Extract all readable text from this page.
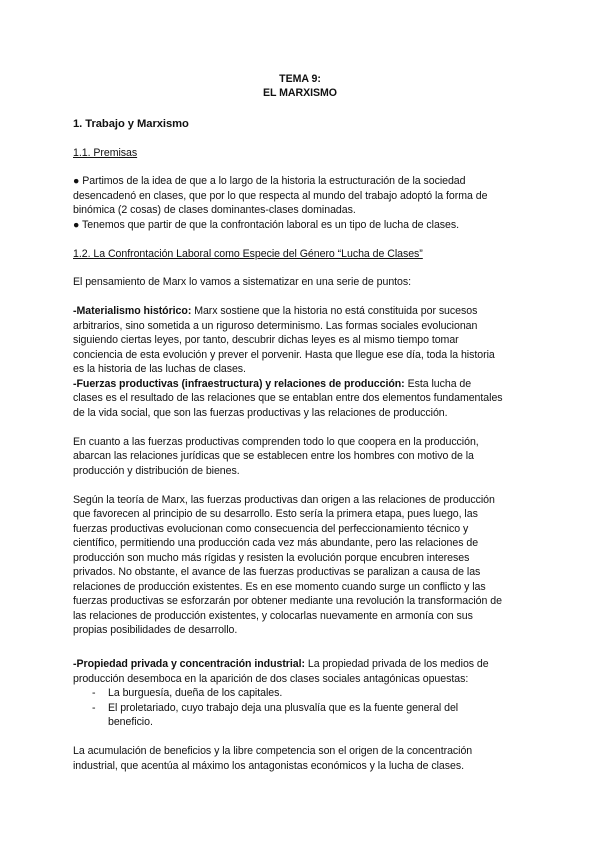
TEMA 9:
EL MARXISMO
1. Trabajo y Marxismo
1.1. Premisas
● Partimos de la idea de que a lo largo de la historia la estructuración de la sociedad
desencadenó en clases, que por lo que respecta al mundo del trabajo adoptó la forma de
binómica (2 cosas) de clases dominantes-clases dominadas.
● Tenemos que partir de que la confrontación laboral es un tipo de lucha de clases.
1.2. La Confrontación Laboral como Especie del Género “Lucha de Clases”
El pensamiento de Marx lo vamos a sistematizar en una serie de puntos:
-Materialismo histórico: Marx sostiene que la historia no está constituida por sucesos
arbitrarios, sino sometida a un riguroso determinismo. Las formas sociales evolucionan
siguiendo ciertas leyes, por tanto, descubrir dichas leyes es al mismo tiempo tomar
conciencia de esta evolución y prever el porvenir. Hasta que llegue ese día, toda la historia
es la historia de las luchas de clases.
-Fuerzas productivas (infraestructura) y relaciones de producción: Esta lucha de
clases es el resultado de las relaciones que se entablan entre dos elementos fundamentales
de la vida social, que son las fuerzas productivas y las relaciones de producción.
En cuanto a las fuerzas productivas comprenden todo lo que coopera en la producción,
abarcan las relaciones jurídicas que se establecen entre los hombres con motivo de la
producción y distribución de bienes.
Según la teoría de Marx, las fuerzas productivas dan origen a las relaciones de producción
que favorecen al principio de su desarrollo. Esto sería la primera etapa, pues luego, las
fuerzas productivas evolucionan como consecuencia del perfeccionamiento técnico y
científico, permitiendo una producción cada vez más abundante, pero las relaciones de
producción son mucho más rígidas y resisten la evolución porque encubren intereses
privados. No obstante, el avance de las fuerzas productivas se paralizan a causa de las
relaciones de producción existentes. Es en ese momento cuando surge un conflicto y las
fuerzas productivas se esforzarán por obtener mediante una revolución la transformación de
las relaciones de producción existentes, y colocarlas nuevamente en armonía con sus
propias posibilidades de desarrollo.
-Propiedad privada y concentración industrial: La propiedad privada de los medios de
producción desemboca en la aparición de dos clases sociales antagónicas opuestas:
- La burguesía, dueña de los capitales.
- El proletariado, cuyo trabajo deja una plusvalía que es la fuente general del
beneficio.
La acumulación de beneficios y la libre competencia son el origen de la concentración
industrial, que acentúa al máximo los antagonistas económicos y la lucha de clases.
